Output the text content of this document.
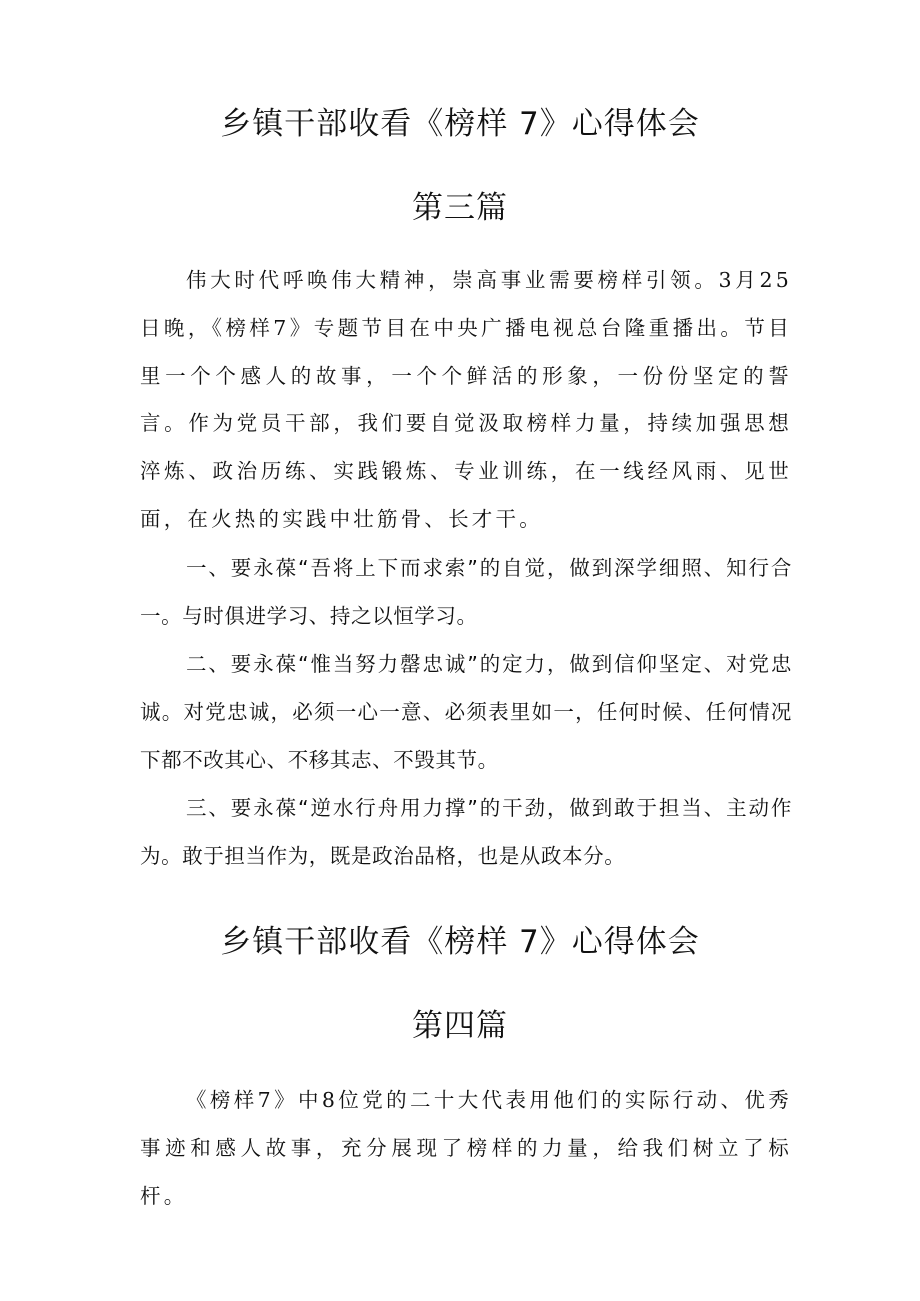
乡镇干部收看《榜样 7》心得体会
第三篇

伟大时代呼唤伟大精神，崇高事业需要榜样引领。3月25日晚，《榜样7》专题节目在中央广播电视总台隆重播出。节目里一个个感人的故事，一个个鲜活的形象，一份份坚定的誓言。作为党员干部，我们要自觉汲取榜样力量，持续加强思想淬炼、政治历练、实践锻炼、专业训练，在一线经风雨、见世面，在火热的实践中壮筋骨、长才干。

一、要永葆“吾将上下而求索”的自觉，做到深学细照、知行合一。与时俱进学习、持之以恒学习。

二、要永葆“惟当努力罄忠诚”的定力，做到信仰坚定、对党忠诚。对党忠诚，必须一心一意、必须表里如一，任何时候、任何情况下都不改其心、不移其志、不毁其节。

三、要永葆“逆水行舟用力撑”的干劲，做到敢于担当、主动作为。敢于担当作为，既是政治品格，也是从政本分。

乡镇干部收看《榜样 7》心得体会
第四篇

《榜样7》中8位党的二十大代表用他们的实际行动、优秀事迹和感人故事，充分展现了榜样的力量，给我们树立了标杆。
